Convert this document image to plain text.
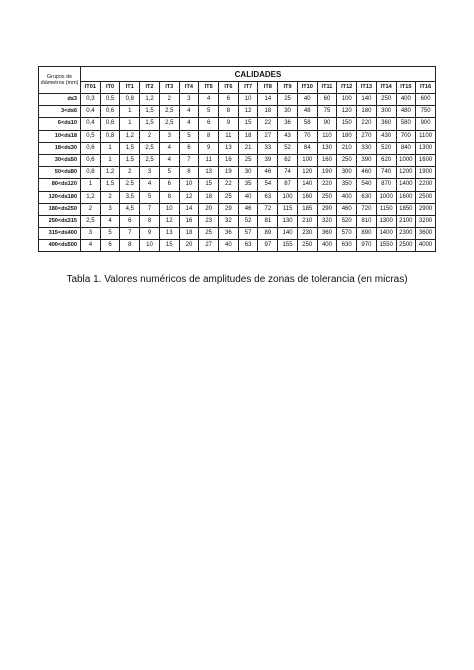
Grupos de diámetros (mm)	CALIDADES																	
	IT01	IT0	IT1	IT2	IT3	IT4	IT5	IT6	IT7	IT8	IT9	IT10	IT11	IT12	IT13	IT14	IT15	IT16
d≤3	0,3	0,5	0,8	1,2	2	3	4	6	10	14	25	40	60	100	140	250	400	600
3<d≤6	0,4	0,6	1	1,5	2,5	4	5	8	12	18	30	48	75	120	180	300	480	750
6<d≤10	0,4	0,6	1	1,5	2,5	4	6	9	15	22	36	58	90	150	220	360	580	900
10<d≤18	0,5	0,8	1,2	2	3	5	8	11	18	27	43	70	110	180	270	430	700	1100
18<d≤30	0,6	1	1,5	2,5	4	6	9	13	21	33	52	84	130	210	330	520	840	1300
30<d≤50	0,6	1	1,5	2,5	4	7	11	16	25	39	62	100	160	250	390	620	1000	1600
50<d≤80	0,8	1,2	2	3	5	8	13	19	30	46	74	120	190	300	460	740	1200	1900
80<d≤120	1	1,5	2,5	4	6	10	15	22	35	54	87	140	220	350	540	870	1400	2200
120<d≤180	1,2	2	3,5	5	8	12	18	25	40	63	100	160	250	400	630	1000	1600	2500
180<d≤250	2	3	4,5	7	10	14	20	29	46	72	115	185	290	460	720	1150	1850	2900
250<d≤315	2,5	4	6	8	12	16	23	32	52	81	130	210	320	520	810	1300	2100	3200
315<d≤400	3	5	7	9	13	18	25	36	57	89	140	230	360	570	890	1400	2300	3600
400<d≤500	4	6	8	10	15	20	27	40	63	97	155	250	400	630	970	1550	2500	4000
Tabla 1. Valores numéricos de amplitudes de zonas de tolerancia (en micras)
